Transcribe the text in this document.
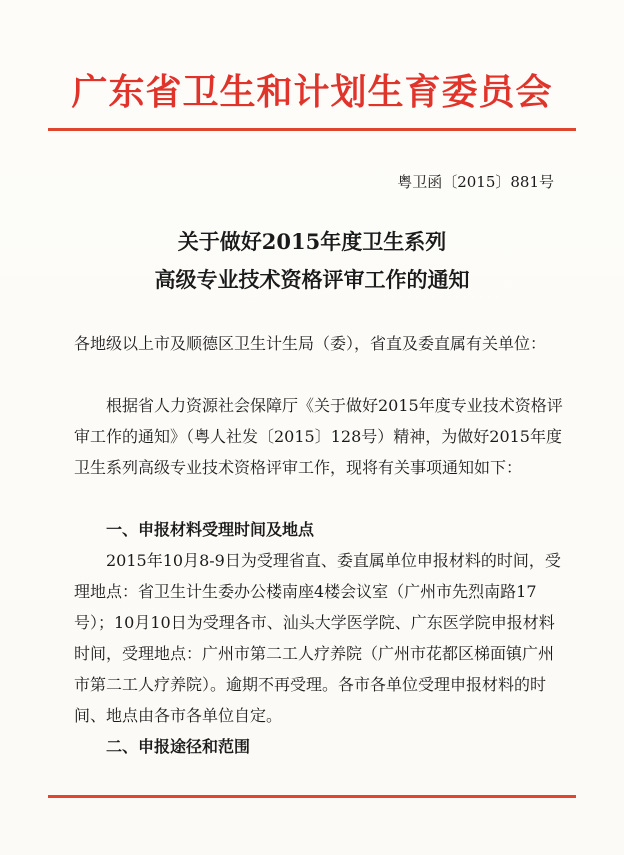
广东省卫生和计划生育委员会
粤卫函〔2015〕881号
关于做好2015年度卫生系列
高级专业技术资格评审工作的通知
各地级以上市及顺德区卫生计生局（委），省直及委直属有关单位：
根据省人力资源社会保障厅《关于做好2015年度专业技术资格评审工作的通知》（粤人社发〔2015〕128号）精神，为做好2015年度卫生系列高级专业技术资格评审工作，现将有关事项通知如下：
一、申报材料受理时间及地点
2015年10月8-9日为受理省直、委直属单位申报材料的时间，受理地点：省卫生计生委办公楼南座4楼会议室（广州市先烈南路17号）；10月10日为受理各市、汕头大学医学院、广东医学院申报材料时间，受理地点：广州市第二工人疗养院（广州市花都区梯面镇广州市第二工人疗养院）。逾期不再受理。各市各单位受理申报材料的时间、地点由各市各单位自定。
二、申报途径和范围
